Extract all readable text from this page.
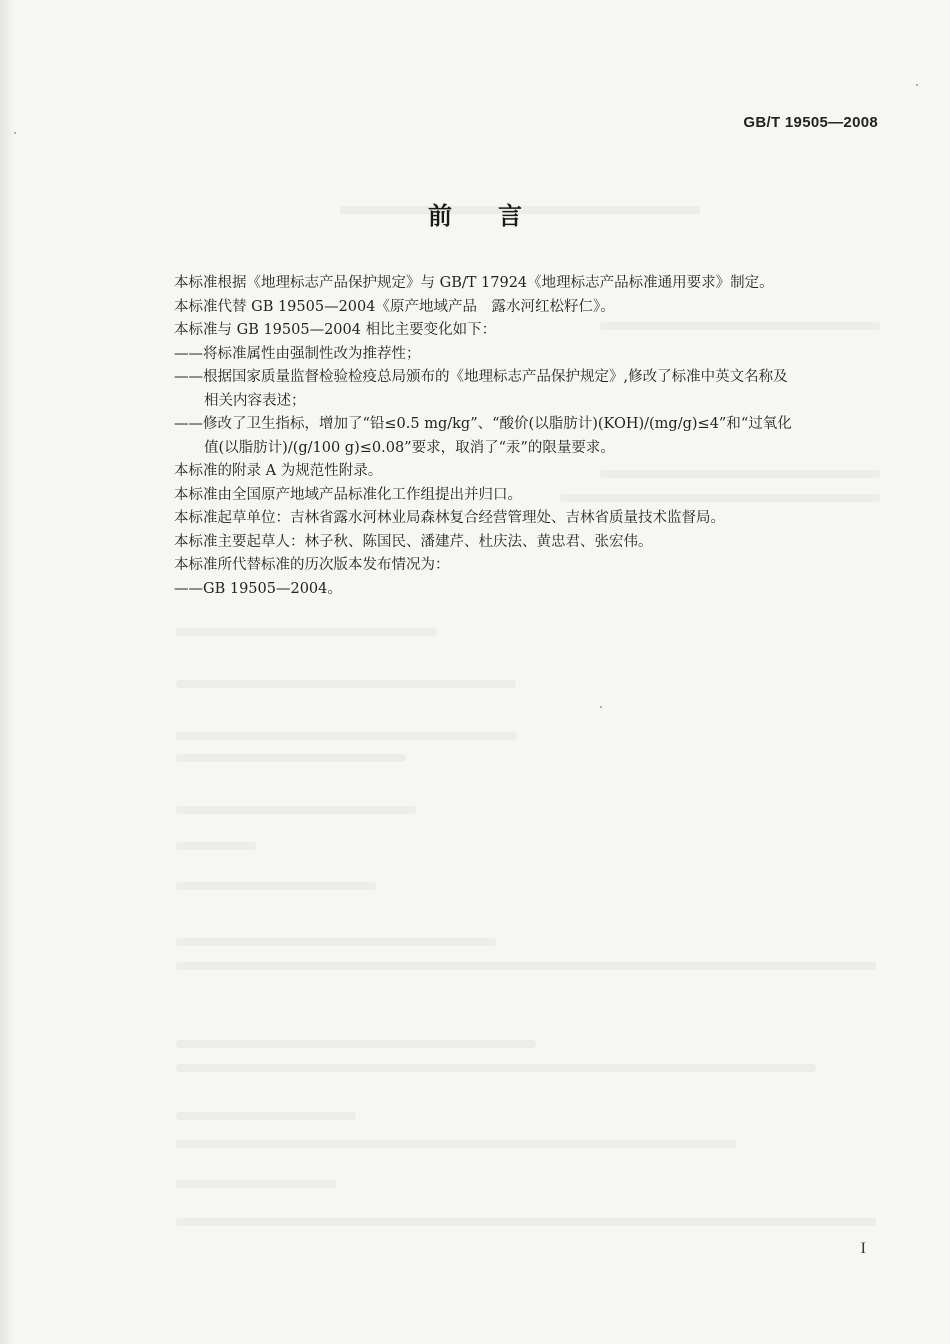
GB/T 19505—2008
前言

本标准根据《地理标志产品保护规定》与 GB/T 17924《地理标志产品标准通用要求》制定。

本标准代替 GB 19505—2004《原产地域产品　露水河红松籽仁》。

本标准与 GB 19505—2004 相比主要变化如下：

——将标准属性由强制性改为推荐性；

——根据国家质量监督检验检疫总局颁布的《地理标志产品保护规定》,修改了标准中英文名称及

相关内容表述；

——修改了卫生指标，增加了“铅≤0.5 mg/kg”、“酸价(以脂肪计)(KOH)/(mg/g)≤4”和“过氧化

值(以脂肪计)/(g/100 g)≤0.08”要求，取消了“汞”的限量要求。

本标准的附录 A 为规范性附录。

本标准由全国原产地域产品标准化工作组提出并归口。

本标准起草单位：吉林省露水河林业局森林复合经营管理处、吉林省质量技术监督局。

本标准主要起草人：林子秋、陈国民、潘建芹、杜庆法、黄忠君、张宏伟。

本标准所代替标准的历次版本发布情况为：

——GB 19505—2004。

I
